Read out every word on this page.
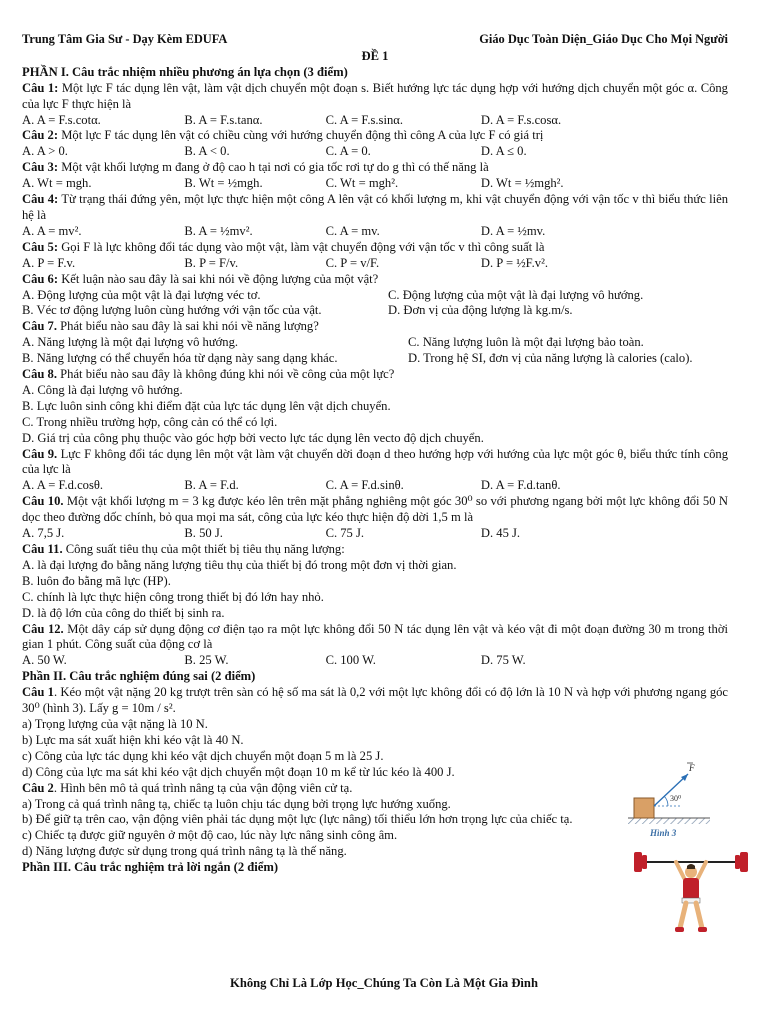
Trung Tâm Gia Sư - Dạy Kèm EDUFA	Giáo Dục Toàn Diện_Giáo Dục Cho Mọi Người
ĐỀ 1
PHẦN I. Câu trắc nhiệm nhiều phương án lựa chọn (3 điểm)
Câu 1: Một lực F tác dụng lên vật, làm vật dịch chuyển một đoạn s. Biết hướng lực tác dụng hợp với hướng dịch chuyển một góc α. Công của lực F thực hiện là
A. A = F.s.cotα.	B. A = F.s.tanα.	C. A = F.s.sinα.	D. A = F.s.cosα.
Câu 2: Một lực F tác dụng lên vật có chiều cùng với hướng chuyển động thì công A của lực F có giá trị
A. A > 0.	B. A < 0.	C. A = 0.	D. A ≤ 0.
Câu 3: Một vật khối lượng m đang ở độ cao h tại nơi có gia tốc rơi tự do g thì có thế năng là
A. Wt = mgh.	B. Wt = ½mgh.	C. Wt = mgh².	D. Wt = ½mgh².
Câu 4: Từ trạng thái đứng yên, một lực thực hiện một công A lên vật có khối lượng m, khi vật chuyển động với vận tốc v thì biểu thức liên hệ là
A. A = mv².	B. A = ½mv².	C. A = mv.	D. A = ½mv.
Câu 5: Gọi F là lực không đổi tác dụng vào một vật, làm vật chuyển động với vận tốc v thì công suất là
A. P = F.v.	B. P = F/v.	C. P = v/F.	D. P = ½F.v².
Câu 6: Kết luận nào sau đây là sai khi nói về động lượng của một vật?
A. Động lượng của một vật là đại lượng véc tơ.	C. Động lượng của một vật là đại lượng vô hướng.
B. Véc tơ động lượng luôn cùng hướng với vận tốc của vật.	D. Đơn vị của động lượng là kg.m/s.
Câu 7. Phát biểu nào sau đây là sai khi nói về năng lượng?
A. Năng lượng là một đại lượng vô hướng.	C. Năng lượng luôn là một đại lượng bảo toàn.
B. Năng lượng có thể chuyển hóa từ dạng này sang dạng khác.	D. Trong hệ SI, đơn vị của năng lượng là calories (calo).
Câu 8. Phát biểu nào sau đây là không đúng khi nói về công của một lực?
A. Công là đại lượng vô hướng.
B. Lực luôn sinh công khi điểm đặt của lực tác dụng lên vật dịch chuyển.
C. Trong nhiều trường hợp, công cản có thể có lợi.
D. Giá trị của công phụ thuộc vào góc hợp bởi vecto lực tác dụng lên vecto độ dịch chuyển.
Câu 9. Lực F không đổi tác dụng lên một vật làm vật chuyển dời đoạn d theo hướng hợp với hướng của lực một góc θ, biểu thức tính công của lực là
A. A = F.d.cosθ.	B. A = F.d.	C. A = F.d.sinθ.	D. A = F.d.tanθ.
Câu 10. Một vật khối lượng m = 3 kg được kéo lên trên mặt phẳng nghiêng một góc 30⁰ so với phương ngang bởi một lực không đổi 50 N dọc theo đường dốc chính, bỏ qua mọi ma sát, công của lực kéo thực hiện độ dời 1,5 m là
A. 7,5 J.	B. 50 J.	C. 75 J.	D. 45 J.
Câu 11. Công suất tiêu thụ của một thiết bị tiêu thụ năng lượng:
A. là đại lượng đo bằng năng lượng tiêu thụ của thiết bị đó trong một đơn vị thời gian.
B. luôn đo bằng mã lực (HP).
C. chính là lực thực hiện công trong thiết bị đó lớn hay nhỏ.
D. là độ lớn của công do thiết bị sinh ra.
Câu 12. Một dây cáp sử dụng động cơ điện tạo ra một lực không đổi 50 N tác dụng lên vật và kéo vật đi một đoạn đường 30 m trong thời gian 1 phút. Công suất của động cơ là
A. 50 W.	B. 25 W.	C. 100 W.	D. 75 W.
Phần II. Câu trắc nghiệm đúng sai (2 điểm)
Câu 1. Kéo một vật nặng 20 kg trượt trên sàn có hệ số ma sát là 0,2 với một lực không đổi có độ lớn là 10 N và hợp với phương ngang góc 30⁰ (hình 3). Lấy g = 10m / s².
a) Trọng lượng của vật nặng là 10 N.
b) Lực ma sát xuất hiện khi kéo vật là 40 N.
c) Công của lực tác dụng khi kéo vật dịch chuyển một đoạn 5 m là 25 J.
d) Công của lực ma sát khi kéo vật dịch chuyển một đoạn 10 m kể từ lúc kéo là 400 J.
Câu 2. Hình bên mô tả quá trình nâng tạ của vận động viên cử tạ.
a) Trong cả quá trình nâng tạ, chiếc tạ luôn chịu tác dụng bởi trọng lực hướng xuống.
b) Để giữ tạ trên cao, vận động viên phải tác dụng một lực (lực nâng) tối thiểu lớn hơn trọng lực của chiếc tạ.
c) Chiếc tạ được giữ nguyên ở một độ cao, lúc này lực nâng sinh công âm.
d) Năng lượng được sử dụng trong quá trình nâng tạ là thế năng.
Phần III. Câu trắc nghiệm trả lời ngắn (2 điểm)
30⁰
F
Hình 3
Không Chỉ Là Lớp Học_Chúng Ta Còn Là Một Gia Đình
